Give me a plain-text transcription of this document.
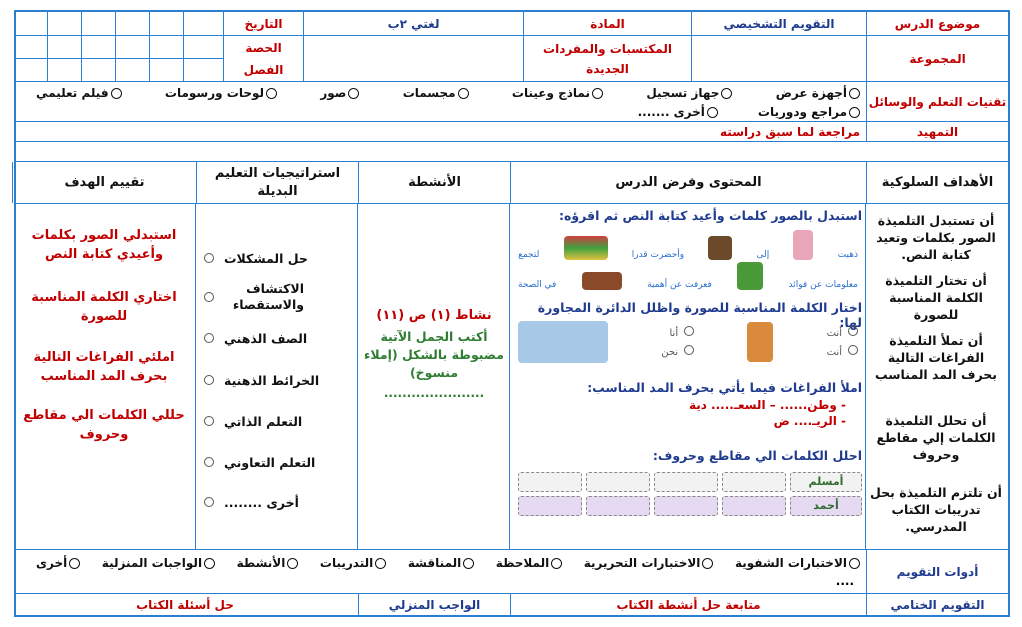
موضوع الدرس
التقويم التشخيصي
المادة
لغتي ٢ب
التاريخ
المجموعة
المكتسبات والمفردات الجديدة
الحصة
الفصل
تقنيات التعلم والوسائل
أجهزة عرض
جهاز تسجيل
نماذج وعينات
مجسمات
صور
لوحات ورسومات
فيلم تعليمي
مراجع ودوريات
أخرى .......
التمهيد
مراجعة لما سبق دراسته
الأهداف السلوكية
المحتوى وفرض الدرس
الأنشطة
استراتيجيات التعليم البديلة
تقييم الهدف
أن تستبدل التلميذة الصور بكلمات وتعيد كتابة النص.
أن تختار التلميذة الكلمة المناسبة للصورة
أن تملأ التلميذة الفراغات التالية بحرف المد المناسب
أن تحلل التلميذة الكلمات إلي مقاطع وحروف
أن تلتزم التلميذة بحل تدريبات الكتاب المدرسي.
استبدل بالصور كلمات وأعيد كتابة النص ثم اقرؤه:
ذهبت
إلى
وأحضرت قدرا
لتجمع
معلومات عن فوائد
فعرفت عن أهمية
في الصحة
اختار الكلمة المناسبة للصورة واظلل الدائرة المجاورة لها:
أنت
أنت
أنا
نحن
املأ الفراغات فيما يأتي بحرف المد المناسب:
- وطن...... – السعـ..... دية
- الريـ.... ض
احلل الكلمات الي مقاطع وحروف:
أمسلم
أحمد
نشاط (١) ص (١١)
أكتب الجمل الآتية مضبوطة بالشكل (إملاء منسوخ)
......................
حل المشكلات
الاكتشاف والاستقصاء
الصف الذهني
الخرائط الذهنية
التعلم الذاتي
التعلم التعاوني
أخرى ........
استبدلي الصور بكلمات وأعيدي كتابة النص
اختاري الكلمة المناسبة للصورة
املئي الفراغات التالية بحرف المد المناسب
حللي الكلمات الي مقاطع وحروف
أدوات التقويم
الاختبارات الشفوية
الاختبارات التحريرية
الملاحظة
المناقشة
التدريبات
الأنشطة
الواجبات المنزلية
أخرى
....
التقويم الختامي
متابعة حل أنشطة الكتاب
الواجب المنزلي
حل أسئلة الكتاب
